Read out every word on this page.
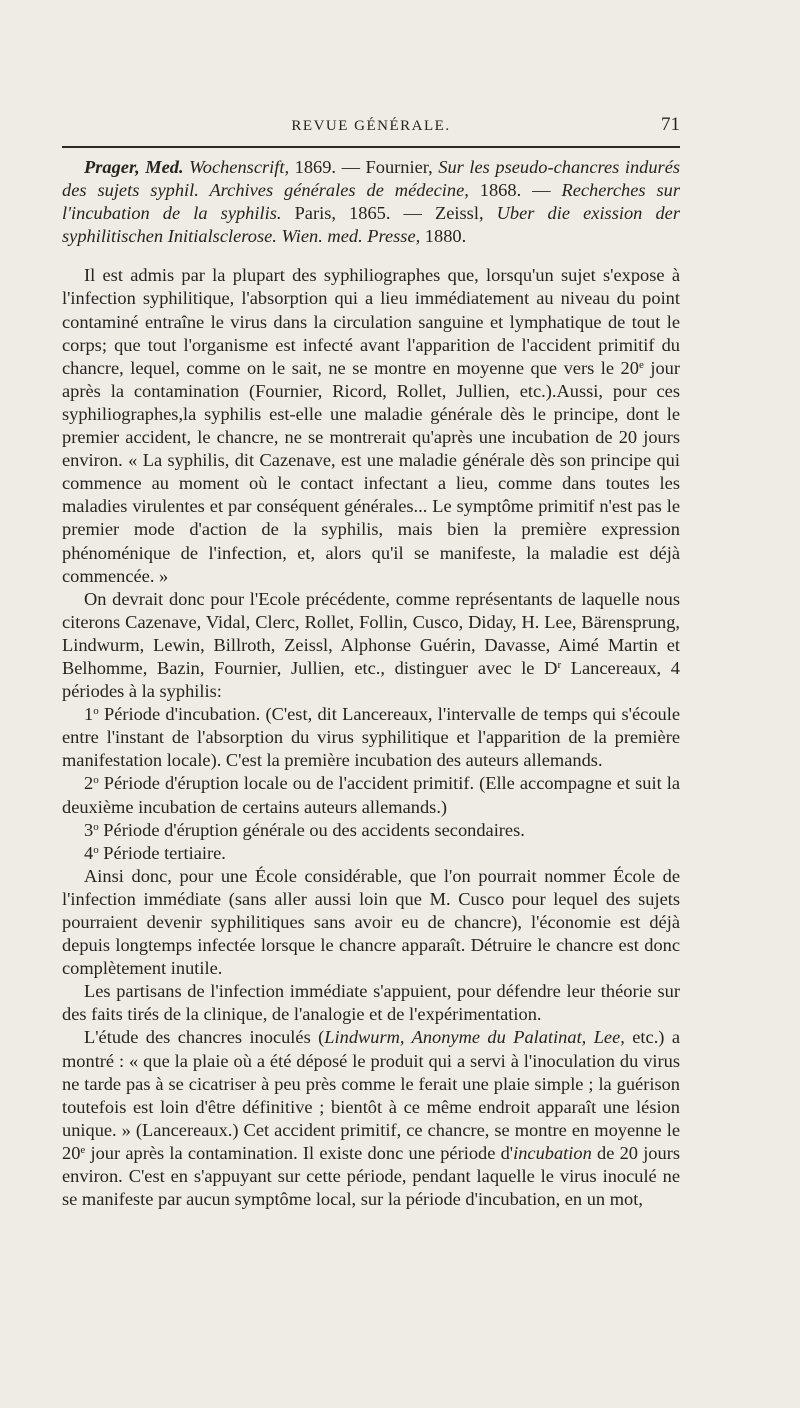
REVUE GÉNÉRALE.	71

Prager, Med. Wochenscrift, 1869. — Fournier, Sur les pseudo-chancres indurés des sujets syphil. Archives générales de médecine, 1868. — Recherches sur l'incubation de la syphilis. Paris, 1865. — Zeissl, Uber die exission der syphilitischen Initialsclerose. Wien. med. Presse, 1880.

Il est admis par la plupart des syphiliographes que, lorsqu'un sujet s'expose à l'infection syphilitique, l'absorption qui a lieu immédiatement au niveau du point contaminé entraîne le virus dans la circulation sanguine et lymphatique de tout le corps; que tout l'organisme est infecté avant l'apparition de l'accident primitif du chancre, lequel, comme on le sait, ne se montre en moyenne que vers le 20e jour après la contamination (Fournier, Ricord, Rollet, Jullien, etc.).Aussi, pour ces syphiliographes,la syphilis est-elle une maladie générale dès le principe, dont le premier accident, le chancre, ne se montrerait qu'après une incubation de 20 jours environ. « La syphilis, dit Cazenave, est une maladie générale dès son principe qui commence au moment où le contact infectant a lieu, comme dans toutes les maladies virulentes et par conséquent générales... Le symptôme primitif n'est pas le premier mode d'action de la syphilis, mais bien la première expression phénoménique de l'infection, et, alors qu'il se manifeste, la maladie est déjà commencée. »

On devrait donc pour l'Ecole précédente, comme représentants de laquelle nous citerons Cazenave, Vidal, Clerc, Rollet, Follin, Cusco, Diday, H. Lee, Bärensprung, Lindwurm, Lewin, Billroth, Zeissl, Alphonse Guérin, Davasse, Aimé Martin et Belhomme, Bazin, Fournier, Jullien, etc., distinguer avec le $D^r$ Lancereaux, 4 périodes à la syphilis:

1$^o$ Période d'incubation. (C'est, dit Lancereaux, l'intervalle de temps qui s'écoule entre l'instant de l'absorption du virus syphilitique et l'apparition de la première manifestation locale). C'est la première incubation des auteurs allemands.

2$^o$ Période d'éruption locale ou de l'accident primitif. (Elle accompagne et suit la deuxième incubation de certains auteurs allemands.)

3$^o$ Période d'éruption générale ou des accidents secondaires.

4$^o$ Période tertiaire.

Ainsi donc, pour une École considérable, que l'on pourrait nommer École de l'infection immédiate (sans aller aussi loin que M. Cusco pour lequel des sujets pourraient devenir syphilitiques sans avoir eu de chancre), l'économie est déjà depuis longtemps infectée lorsque le chancre apparaît. Détruire le chancre est donc complètement inutile.

Les partisans de l'infection immédiate s'appuient, pour défendre leur théorie sur des faits tirés de la clinique, de l'analogie et de l'expérimentation.

L'étude des chancres inoculés (Lindwurm, Anonyme du Palatinat, Lee, etc.) a montré : « que la plaie où a été déposé le produit qui a servi à l'inoculation du virus ne tarde pas à se cicatriser à peu près comme le ferait une plaie simple ; la guérison toutefois est loin d'être définitive ; bientôt à ce même endroit apparaît une lésion unique. » (Lancereaux.) Cet accident primitif, ce chancre, se montre en moyenne le 20e jour après la contamination. Il existe donc une période d'incubation de 20 jours environ. C'est en s'appuyant sur cette période, pendant laquelle le virus inoculé ne se manifeste par aucun symptôme local, sur la période d'incubation, en un mot,
